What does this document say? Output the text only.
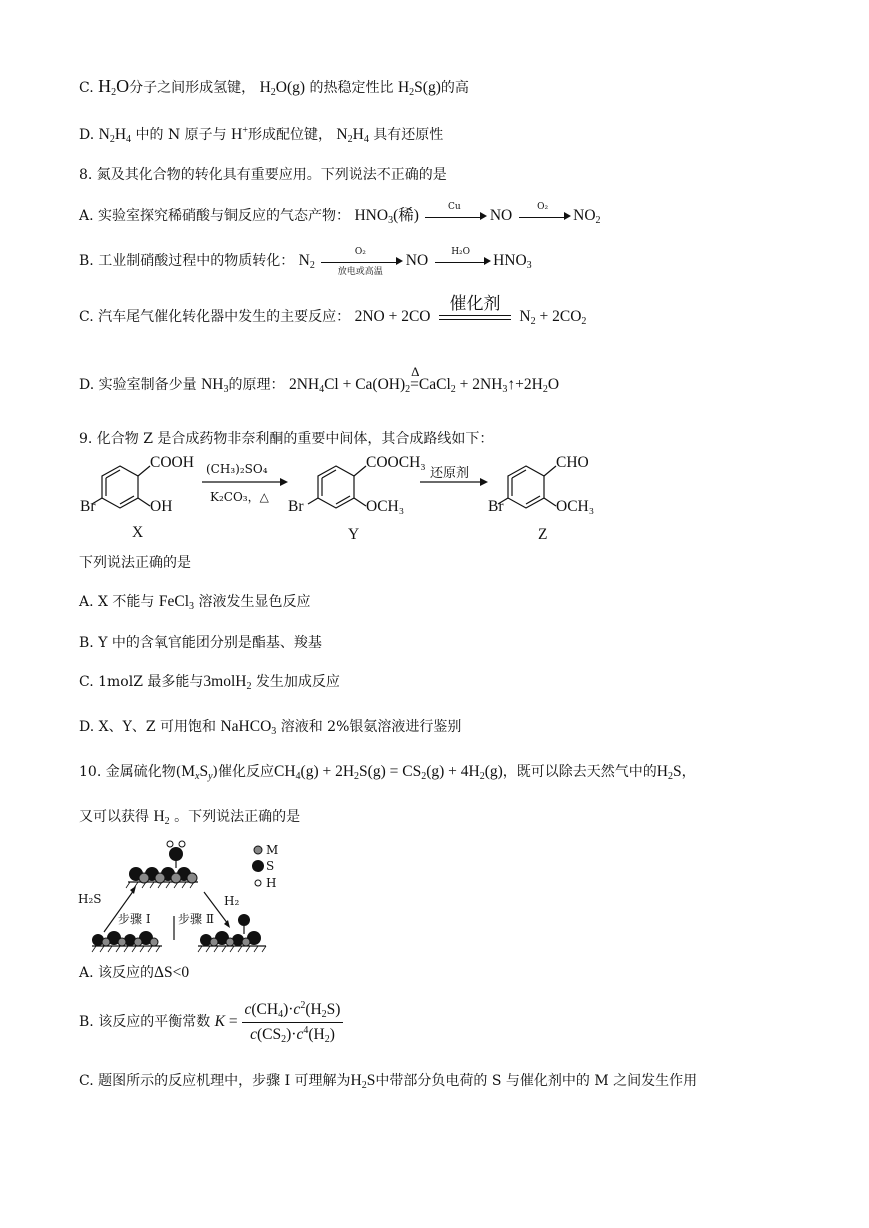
C. $H_2O$分子之间形成氢键， $H_2O(g)$ 的热稳定性比 $H_2S(g)$的高
D. $N_2H_4$ 中的 N 原子与 H+形成配位键， $N_2H_4$ 具有还原性
8. 氮及其化合物的转化具有重要应用。下列说法不正确的是
A. 实验室探究稀硝酸与铜反应的气态产物： $HNO_3$(稀)
Cu
NO
O₂
$NO_2$
B. 工业制硝酸过程中的物质转化： $N_2$
O₂
放电或高温
NO
H₂O
$HNO_3$
C. 汽车尾气催化转化器中发生的主要反应： 2NO + 2CO
催化剂
$N_2 + 2CO_2$
D. 实验室制备少量 $NH_3$的原理： $2NH_4Cl + Ca(OH)_2$
Δ
=CaCl$_2$ + $2NH_3↑+2H_2O$
9. 化合物 Z 是合成药物非奈利酮的重要中间体，其合成路线如下：
COOH
OH
Br
X
(CH₃)₂SO₄
K₂CO₃，△
COOCH₃
OCH₃
Br
Y
还原剂
CHO
OCH₃
Br
Z
下列说法正确的是
A. X 不能与 FeCl$_3$ 溶液发生显色反应
B. Y 中的含氧官能团分别是酯基、羧基
C. 1molZ 最多能与3molH$_2$ 发生加成反应
D. X、Y、Z 可用饱和 NaHCO$_3$ 溶液和 2%银氨溶液进行鉴别
10. 金属硫化物$(M_xS_y)$催化反应$CH_4(g) + 2H_2S(g) = CS_2(g) + 4H_2(g)$，既可以除去天然气中的$H_2S$，
又可以获得 $H_2$ 。下列说法正确的是
M
S
H
H₂S	H₂
步骤 Ⅰ 步骤 Ⅱ
A. 该反应的ΔS<0
B. 该反应的平衡常数 $K = \frac{c(CH_4)\cdot c^2(H_2S)}{c(CS_2)\cdot c^4(H_2)}$
C. 题图所示的反应机理中，步骤 Ⅰ 可理解为$H_2S$中带部分负电荷的 S 与催化剂中的 M 之间发生作用
